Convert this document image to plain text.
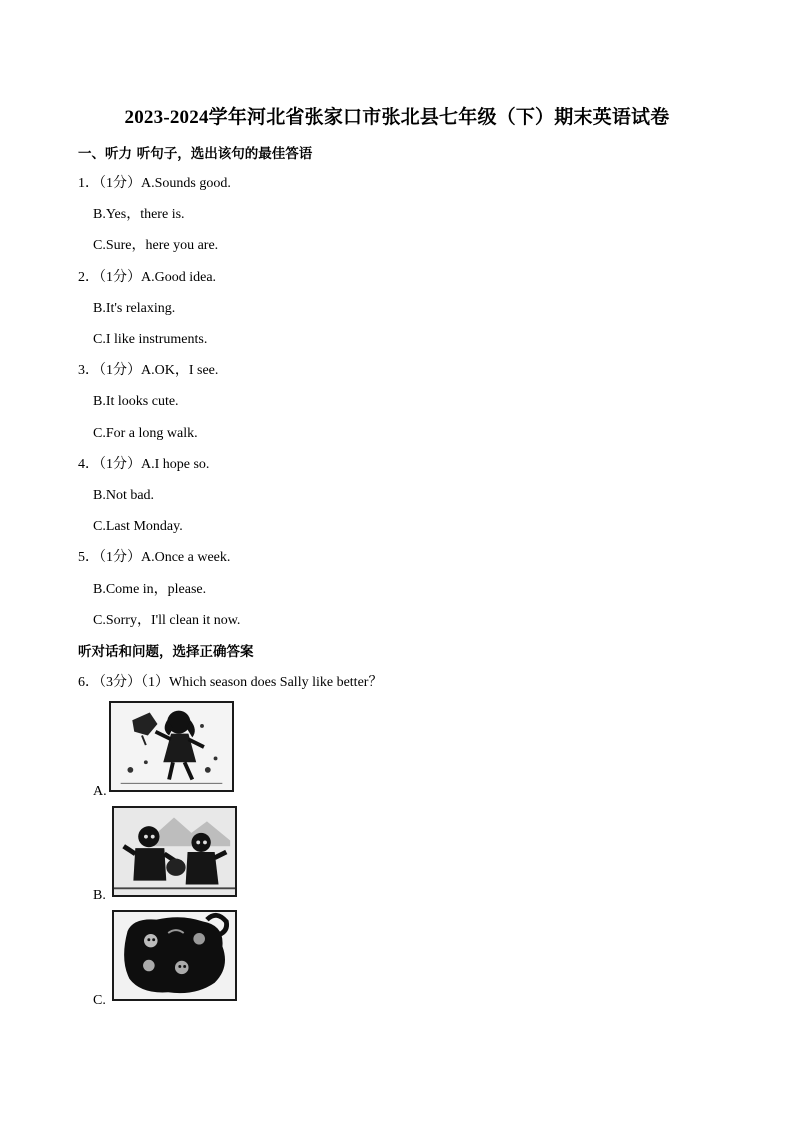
2023-2024学年河北省张家口市张北县七年级（下）期末英语试卷
一、听力 听句子，选出该句的最佳答语
1．（1分）A.Sounds good.
B.Yes，there is.
C.Sure，here you are.
2．（1分）A.Good idea.
B.It's relaxing.
C.I like instruments.
3．（1分）A.OK，I see.
B.It looks cute.
C.For a long walk.
4．（1分）A.I hope so.
B.Not bad.
C.Last Monday.
5．（1分）A.Once a week.
B.Come in，please.
C.Sorry，I'll clean it now.
听对话和问题，选择正确答案
6．（3分）（1）Which season does Sally like better？
A.
B.
C.
